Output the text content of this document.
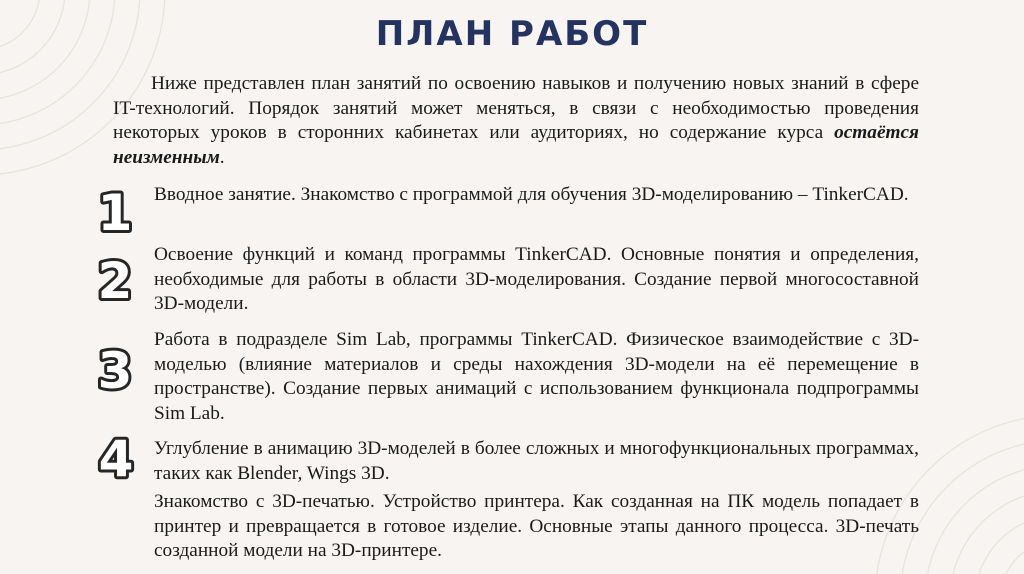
ПЛАН РАБОТ
Ниже представлен план занятий по освоению навыков и получению новых знаний в сфере IT-технологий. Порядок занятий может меняться, в связи с необходимостью проведения некоторых уроков в сторонних кабинетах или аудиториях, но содержание курса остаётся неизменным.
1
2
3
4
Вводное занятие. Знакомство с программой для обучения 3D-моделированию – TinkerCAD.
Освоение функций и команд программы TinkerCAD. Основные понятия и определения, необходимые для работы в области 3D-моделирования. Создание первой многосоставной 3D-модели.
Работа в подразделе Sim Lab, программы TinkerCAD. Физическое взаимодействие с 3D-моделью (влияние материалов и среды нахождения 3D-модели на её перемещение в пространстве). Создание первых анимаций с использованием функционала подпрограммы Sim Lab.
Углубление в анимацию 3D-моделей в более сложных и многофункциональных программах, таких как Blender, Wings 3D.
Знакомство с 3D-печатью. Устройство принтера. Как созданная на ПК модель попадает в принтер и превращается в готовое изделие. Основные этапы данного процесса. 3D-печать созданной модели на 3D-принтере.
